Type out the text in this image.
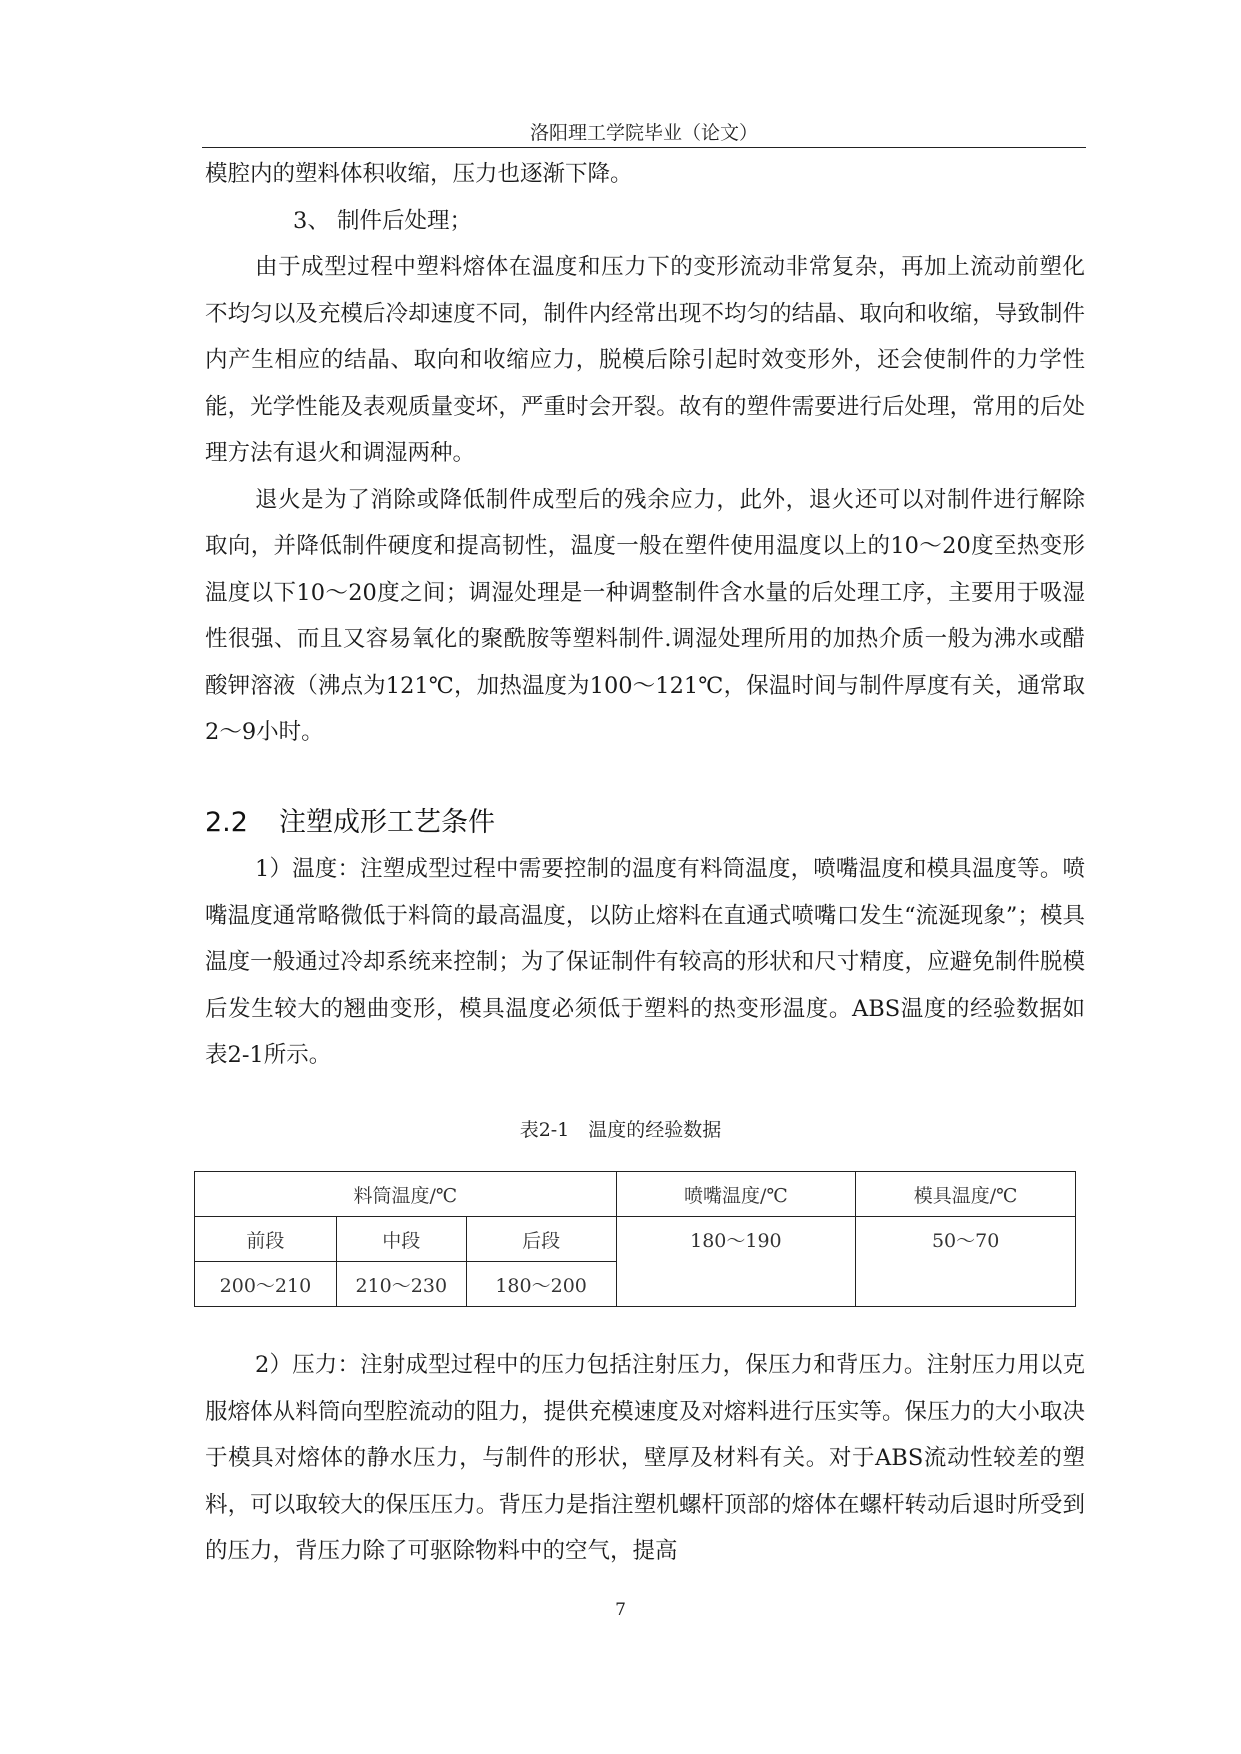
洛阳理工学院毕业（论文）

模腔内的塑料体积收缩，压力也逐渐下降。

3、 制件后处理；

由于成型过程中塑料熔体在温度和压力下的变形流动非常复杂，再加上流动前塑化不均匀以及充模后冷却速度不同，制件内经常出现不均匀的结晶、取向和收缩，导致制件内产生相应的结晶、取向和收缩应力，脱模后除引起时效变形外，还会使制件的力学性能，光学性能及表观质量变坏，严重时会开裂。故有的塑件需要进行后处理，常用的后处理方法有退火和调湿两种。

退火是为了消除或降低制件成型后的残余应力，此外，退火还可以对制件进行解除取向，并降低制件硬度和提高韧性，温度一般在塑件使用温度以上的10～20度至热变形温度以下10～20度之间；调湿处理是一种调整制件含水量的后处理工序，主要用于吸湿性很强、而且又容易氧化的聚酰胺等塑料制件.调湿处理所用的加热介质一般为沸水或醋酸钾溶液（沸点为121℃，加热温度为100～121℃，保温时间与制件厚度有关，通常取2～9小时。

2.2 注塑成形工艺条件

1）温度：注塑成型过程中需要控制的温度有料筒温度，喷嘴温度和模具温度等。喷嘴温度通常略微低于料筒的最高温度，以防止熔料在直通式喷嘴口发生“流涎现象”；模具温度一般通过冷却系统来控制；为了保证制件有较高的形状和尺寸精度，应避免制件脱模后发生较大的翘曲变形，模具温度必须低于塑料的热变形温度。ABS温度的经验数据如表2-1所示。

表2-1　温度的经验数据
料筒温度/℃			喷嘴温度/℃	模具温度/℃
前段	中段	后段	180～190	50～70
200～210	210～230	180～200		

2）压力：注射成型过程中的压力包括注射压力，保压力和背压力。注射压力用以克服熔体从料筒向型腔流动的阻力，提供充模速度及对熔料进行压实等。保压力的大小取决于模具对熔体的静水压力，与制件的形状，壁厚及材料有关。对于ABS流动性较差的塑料，可以取较大的保压压力。背压力是指注塑机螺杆顶部的熔体在螺杆转动后退时所受到的压力，背压力除了可驱除物料中的空气，提高

7
